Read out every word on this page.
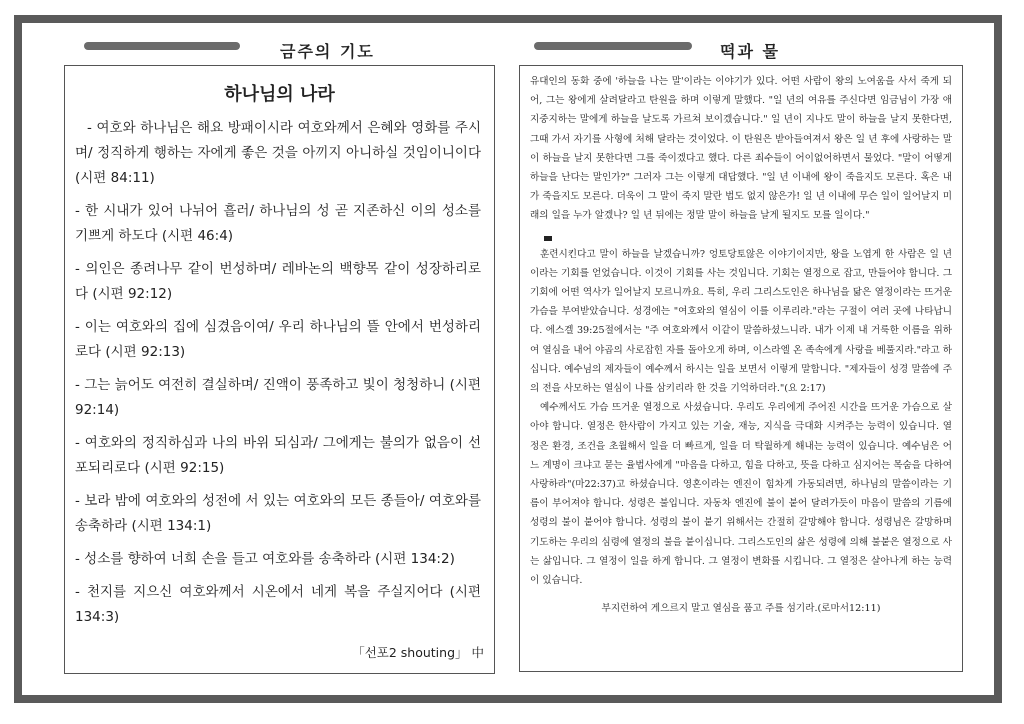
금주의 기도	떡과 물
하나님의 나라
- 여호와 하나님은 해요 방패이시라 여호와께서 은혜와 영화를 주시며/ 정직하게 행하는 자에게 좋은 것을 아끼지 아니하실 것임이니이다 (시편 84:11)
- 한 시내가 있어 나뉘어 흘러/ 하나님의 성 곧 지존하신 이의 성소를 기쁘게 하도다 (시편 46:4)
- 의인은 종려나무 같이 번성하며/ 레바논의 백향목 같이 성장하리로다 (시편 92:12)
- 이는 여호와의 집에 심겼음이여/ 우리 하나님의 뜰 안에서 번성하리로다 (시편 92:13)
- 그는 늙어도 여전히 결실하며/ 진액이 풍족하고 빛이 청청하니 (시편 92:14)
- 여호와의 정직하심과 나의 바위 되심과/ 그에게는 불의가 없음이 선포되리로다 (시편 92:15)
- 보라 밤에 여호와의 성전에 서 있는 여호와의 모든 종들아/ 여호와를 송축하라 (시편 134:1)
- 성소를 향하여 너희 손을 들고 여호와를 송축하라 (시편 134:2)
- 천지를 지으신 여호와께서 시온에서 네게 복을 주실지어다 (시편 134:3)
「선포2 shouting」 中
유대인의 동화 중에 '하늘을 나는 말'이라는 이야기가 있다. 어떤 사람이 왕의 노여움을 사서 죽게 되어, 그는 왕에게 살려달라고 탄원을 하며 이렇게 말했다. "일 년의 여유를 주신다면 임금님이 가장 애지중지하는 말에게 하늘을 날도록 가르쳐 보이겠습니다." 일 년이 지나도 말이 하늘을 날지 못한다면, 그때 가서 자기를 사형에 처해 달라는 것이었다. 이 탄원은 받아들여져서 왕은 일 년 후에 사랑하는 말이 하늘을 날지 못한다면 그를 죽이겠다고 했다. 다른 죄수들이 어이없어하면서 물었다. "말이 어떻게 하늘을 난다는 말인가?" 그러자 그는 이렇게 대답했다. "일 년 이내에 왕이 죽을지도 모른다. 혹은 내가 죽을지도 모른다. 더욱이 그 말이 죽지 말란 법도 없지 않은가! 일 년 이내에 무슨 일이 일어날지 미래의 일을 누가 알겠나? 일 년 뒤에는 정말 말이 하늘을 날게 될지도 모를 일이다."
훈련시킨다고 말이 하늘을 날겠습니까? 엉토당토않은 이야기이지만, 왕을 노엽게 한 사람은 일 년이라는 기회를 얻었습니다. 이것이 기회를 사는 것입니다. 기회는 열정으로 잡고, 만들어야 합니다. 그 기회에 어떤 역사가 일어날지 모르니까요. 특히, 우리 그리스도인은 하나님을 닮은 열정이라는 뜨거운 가슴을 부여받았습니다. 성경에는 "여호와의 열심이 이를 이루리라."라는 구절이 여러 곳에 나타납니다. 에스겔 39:25절에서는 "주 여호와께서 이같이 말씀하셨느니라. 내가 이제 내 거룩한 이름을 위하여 열심을 내어 야곱의 사로잡힌 자를 돌아오게 하며, 이스라엘 온 족속에게 사랑을 베풀지라."라고 하십니다. 예수님의 제자들이 예수께서 하시는 일을 보면서 이렇게 말합니다. "제자들이 성경 말씀에 주의 전을 사모하는 열심이 나를 삼키리라 한 것을 기억하더라."(요 2:17)
예수께서도 가슴 뜨거운 열정으로 사셨습니다. 우리도 우리에게 주어진 시간을 뜨거운 가슴으로 살아야 합니다. 열정은 한사람이 가지고 있는 기술, 재능, 지식을 극대화 시켜주는 능력이 있습니다. 열정은 환경, 조건을 초월해서 일을 더 빠르게, 일을 더 탁월하게 해내는 능력이 있습니다. 예수님은 어느 계명이 크냐고 묻는 율법사에게 "마음을 다하고, 힘을 다하고, 뜻을 다하고 심지어는 목숨을 다하여 사랑하라"(마22:37)고 하셨습니다. 영혼이라는 엔진이 힘차게 가동되려면, 하나님의 말씀이라는 기름이 부어져야 합니다. 성령은 불입니다. 자동차 엔진에 불이 붙어 달려가듯이 마음이 말씀의 기름에 성령의 불이 붙어야 합니다. 성령의 불이 붙기 위해서는 간절히 갈망해야 합니다. 성령님은 갈망하며 기도하는 우리의 심령에 열정의 불을 붙이십니다. 그리스도인의 삶은 성령에 의해 불붙은 열정으로 사는 삶입니다. 그 열정이 일을 하게 합니다. 그 열정이 변화를 시킵니다. 그 열정은 살아나게 하는 능력이 있습니다.
부지런하여 게으르지 말고 열심을 품고 주를 섬기라.(로마서12:11)
